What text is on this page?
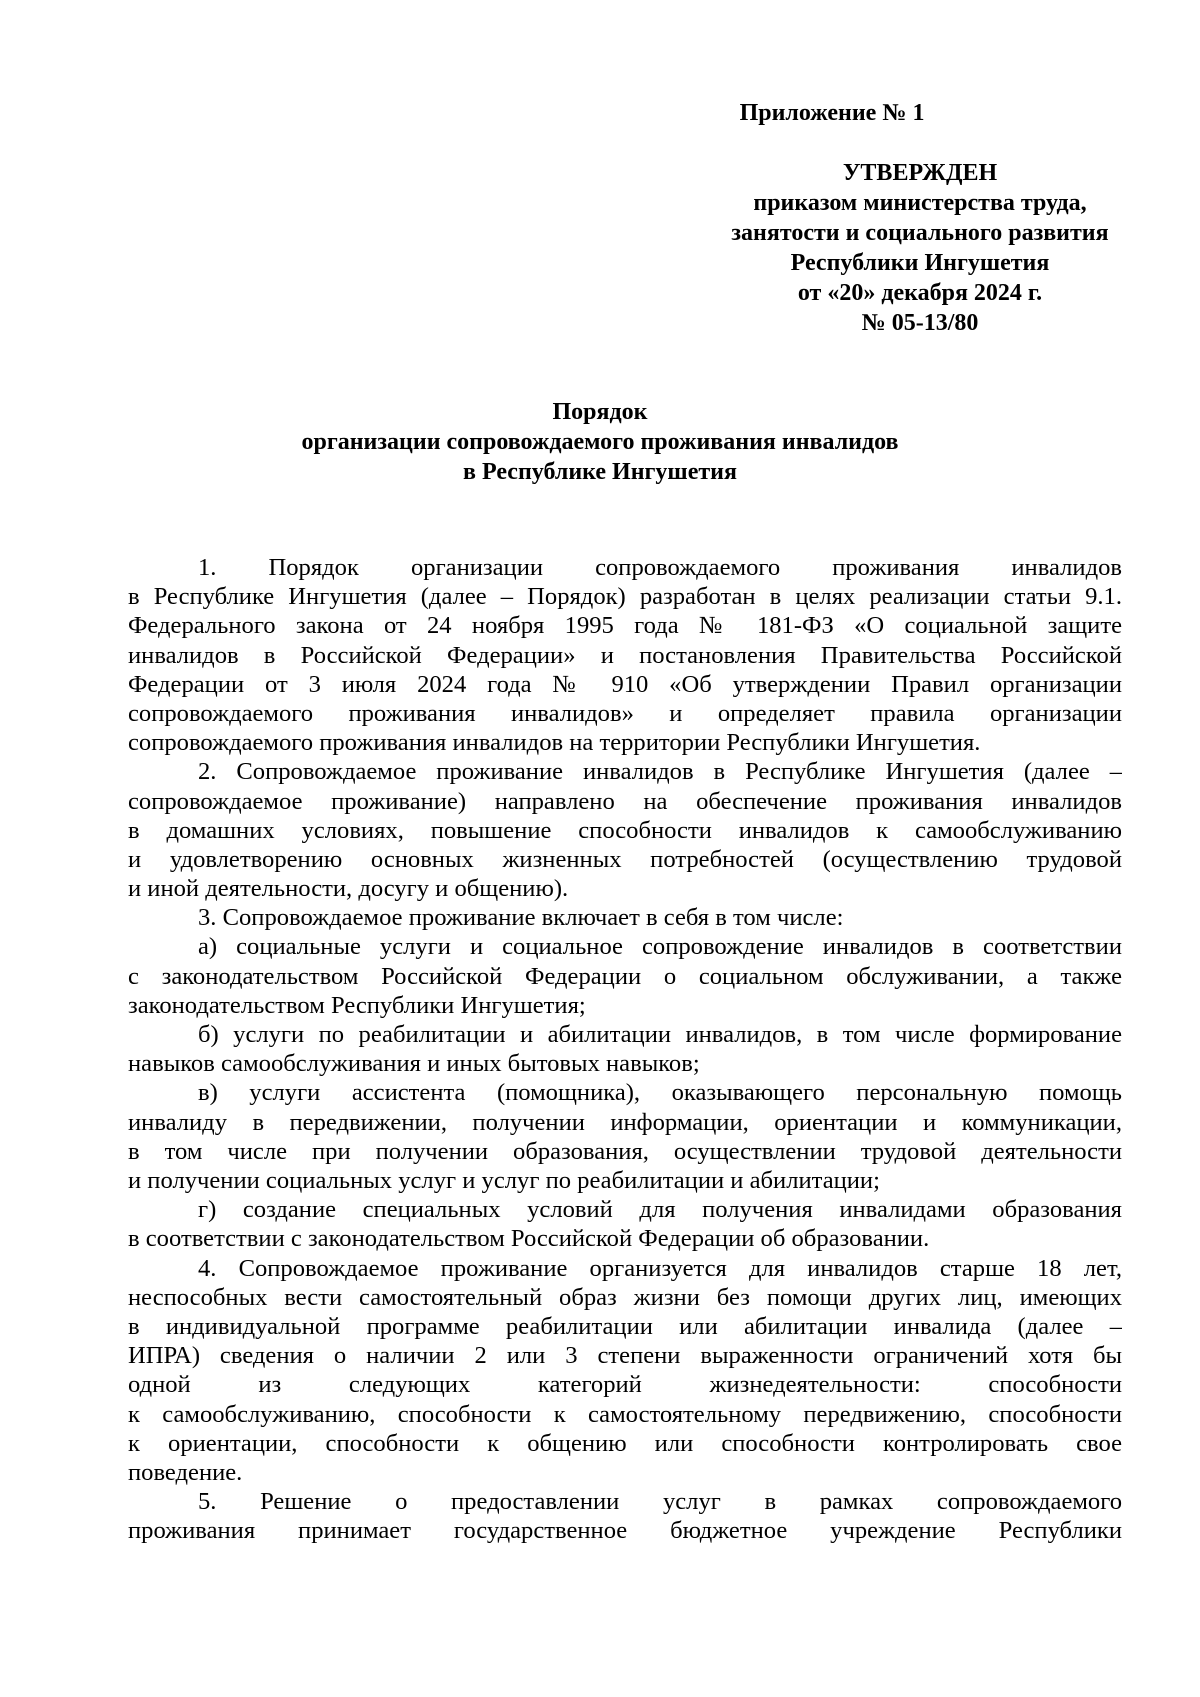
Приложение № 1
УТВЕРЖДЕН
приказом министерства труда,
занятости и социального развития
Республики Ингушетия
от «20» декабря 2024 г.
№ 05-13/80
Порядок
организации сопровождаемого проживания инвалидов
в Республике Ингушетия
1. Порядок организации сопровождаемого проживания инвалидов
в Республике Ингушетия (далее – Порядок) разработан в целях реализации статьи 9.1.
Федерального закона от 24 ноября 1995 года № 181-ФЗ «О социальной защите
инвалидов в Российской Федерации» и постановления Правительства Российской
Федерации от 3 июля 2024 года № 910 «Об утверждении Правил организации
сопровождаемого проживания инвалидов» и определяет правила организации
сопровождаемого проживания инвалидов на территории Республики Ингушетия.
2. Сопровождаемое проживание инвалидов в Республике Ингушетия (далее –
сопровождаемое проживание) направлено на обеспечение проживания инвалидов
в домашних условиях, повышение способности инвалидов к самообслуживанию
и удовлетворению основных жизненных потребностей (осуществлению трудовой
и иной деятельности, досугу и общению).
3. Сопровождаемое проживание включает в себя в том числе:
а) социальные услуги и социальное сопровождение инвалидов в соответствии
с законодательством Российской Федерации о социальном обслуживании, а также
законодательством Республики Ингушетия;
б) услуги по реабилитации и абилитации инвалидов, в том числе формирование
навыков самообслуживания и иных бытовых навыков;
в) услуги ассистента (помощника), оказывающего персональную помощь
инвалиду в передвижении, получении информации, ориентации и коммуникации,
в том числе при получении образования, осуществлении трудовой деятельности
и получении социальных услуг и услуг по реабилитации и абилитации;
г) создание специальных условий для получения инвалидами образования
в соответствии с законодательством Российской Федерации об образовании.
4. Сопровождаемое проживание организуется для инвалидов старше 18 лет,
неспособных вести самостоятельный образ жизни без помощи других лиц, имеющих
в индивидуальной программе реабилитации или абилитации инвалида (далее –
ИПРА) сведения о наличии 2 или 3 степени выраженности ограничений хотя бы
одной из следующих категорий жизнедеятельности: способности
к самообслуживанию, способности к самостоятельному передвижению, способности
к ориентации, способности к общению или способности контролировать свое
поведение.
5. Решение о предоставлении услуг в рамках сопровождаемого
проживания принимает государственное бюджетное учреждение Республики
